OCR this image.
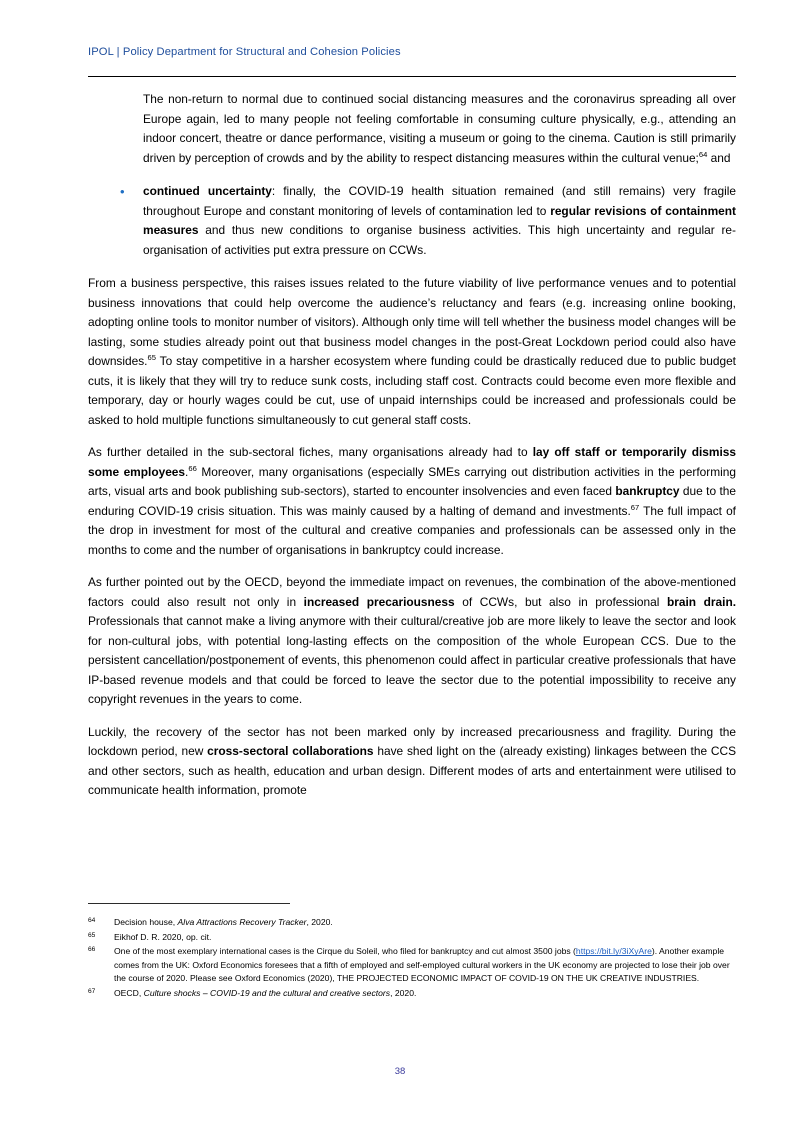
IPOL | Policy Department for Structural and Cohesion Policies

The non-return to normal due to continued social distancing measures and the coronavirus spreading all over Europe again, led to many people not feeling comfortable in consuming culture physically, e.g., attending an indoor concert, theatre or dance performance, visiting a museum or going to the cinema. Caution is still primarily driven by perception of crowds and by the ability to respect distancing measures within the cultural venue;$^{64}$ and

•	continued uncertainty: finally, the COVID-19 health situation remained (and still remains) very fragile throughout Europe and constant monitoring of levels of contamination led to regular revisions of containment measures and thus new conditions to organise business activities. This high uncertainty and regular re-organisation of activities put extra pressure on CCWs.

From a business perspective, this raises issues related to the future viability of live performance venues and to potential business innovations that could help overcome the audience’s reluctancy and fears (e.g. increasing online booking, adopting online tools to monitor number of visitors). Although only time will tell whether the business model changes will be lasting, some studies already point out that business model changes in the post-Great Lockdown period could also have downsides.$^{65}$ To stay competitive in a harsher ecosystem where funding could be drastically reduced due to public budget cuts, it is likely that they will try to reduce sunk costs, including staff cost. Contracts could become even more flexible and temporary, day or hourly wages could be cut, use of unpaid internships could be increased and professionals could be asked to hold multiple functions simultaneously to cut general staff costs.

As further detailed in the sub-sectoral fiches, many organisations already had to lay off staff or temporarily dismiss some employees.$^{66}$ Moreover, many organisations (especially SMEs carrying out distribution activities in the performing arts, visual arts and book publishing sub-sectors), started to encounter insolvencies and even faced bankruptcy due to the enduring COVID-19 crisis situation. This was mainly caused by a halting of demand and investments.$^{67}$ The full impact of the drop in investment for most of the cultural and creative companies and professionals can be assessed only in the months to come and the number of organisations in bankruptcy could increase.

As further pointed out by the OECD, beyond the immediate impact on revenues, the combination of the above-mentioned factors could also result not only in increased precariousness of CCWs, but also in professional brain drain. Professionals that cannot make a living anymore with their cultural/creative job are more likely to leave the sector and look for non-cultural jobs, with potential long-lasting effects on the composition of the whole European CCS. Due to the persistent cancellation/postponement of events, this phenomenon could affect in particular creative professionals that have IP-based revenue models and that could be forced to leave the sector due to the potential impossibility to receive any copyright revenues in the years to come.

Luckily, the recovery of the sector has not been marked only by increased precariousness and fragility. During the lockdown period, new cross-sectoral collaborations have shed light on the (already existing) linkages between the CCS and other sectors, such as health, education and urban design. Different modes of arts and entertainment were utilised to communicate health information, promote

64	Decision house, Alva Attractions Recovery Tracker, 2020.
65	Eikhof D. R. 2020, op. cit.
66	One of the most exemplary international cases is the Cirque du Soleil, who filed for bankruptcy and cut almost 3500 jobs (https://bit.ly/3iXyAre). Another example comes from the UK: Oxford Economics foresees that a fifth of employed and self-employed cultural workers in the UK economy are projected to lose their job over the course of 2020. Please see Oxford Economics (2020), THE PROJECTED ECONOMIC IMPACT OF COVID-19 ON THE UK CREATIVE INDUSTRIES.
67	OECD, Culture shocks – COVID-19 and the cultural and creative sectors, 2020.
38
